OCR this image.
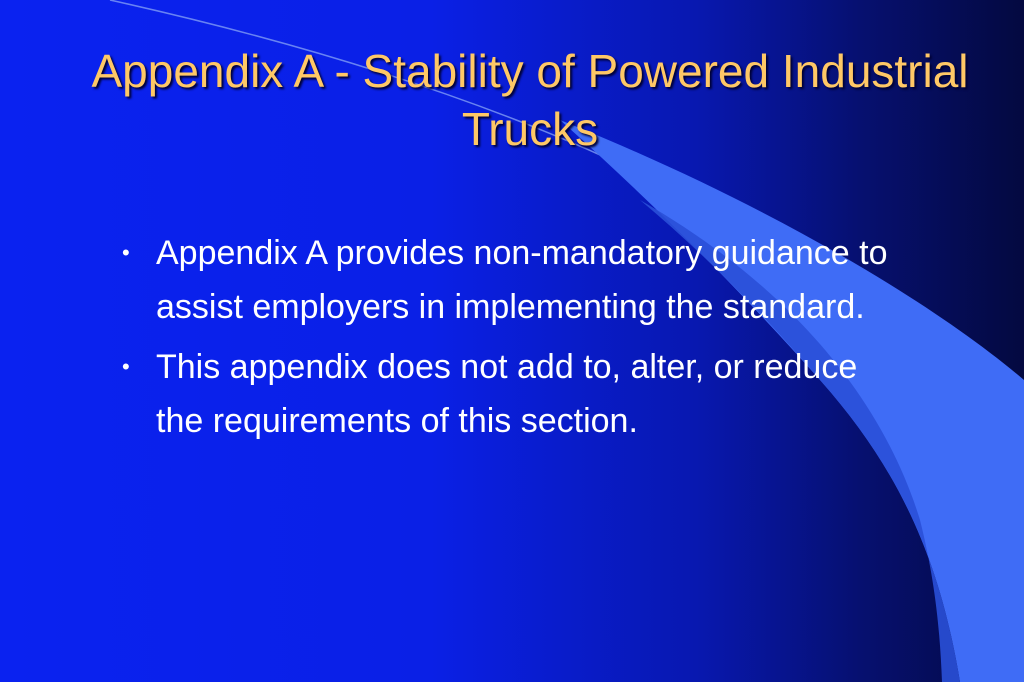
Appendix A - Stability of Powered Industrial Trucks
• Appendix A provides non-mandatory guidance to assist employers in implementing the standard.
• This appendix does not add to, alter, or reduce the requirements of this section.
